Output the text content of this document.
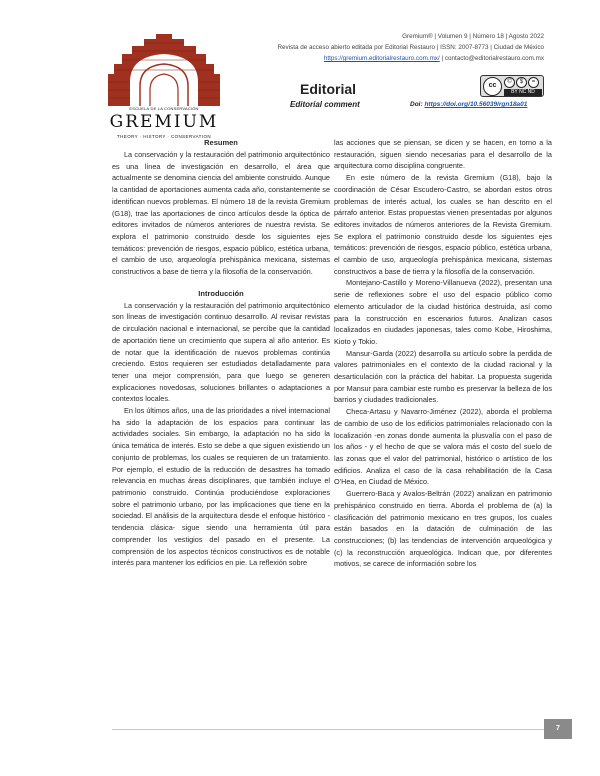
ESCUELA DE LA CONSERVACIÓN
GREMIUM
THEORY · HISTORY · CONSERVATION
Gremium® | Volumen 9 | Número 18 | Agosto 2022
Revista de acceso abierto editada por Editorial Restauro | ISSN: 2007-8773 | Ciudad de México
https://gremium.editorialrestauro.com.mx/ | contacto@editorialrestauro.com.mx
Editorial
Editorial comment
cc	©	$	=
BY NC ND
Doi: https://doi.org/10.56039/rgn18a01
Resumen

La conservación y la restauración del patrimonio arquitectónico es una línea de investigación en desarrollo, el área que actualmente se denomina ciencia del ambiente construido. Aunque la cantidad de aportaciones aumenta cada año, constantemente se identifican nuevos problemas. El número 18 de la revista Gremium (G18), trae las aportaciones de cinco artículos desde la óptica de editores invitados de números anteriores de nuestra revista. Se explora el patrimonio construido desde los siguientes ejes temáticos: prevención de riesgos, espacio público, estética urbana, el cambio de uso, arqueología prehispánica mexicana, sistemas constructivos a base de tierra y la filosofía de la conservación.

Introducción

La conservación y la restauración del patrimonio arquitectónico son líneas de investigación continuo desarrollo. Al revisar revistas de circulación nacional e internacional, se percibe que la cantidad de aportación tiene un crecimiento que supera al año anterior. Es de notar que la identificación de nuevos problemas continúa creciendo. Estos requieren ser estudiados detalladamente para tener una mejor comprensión, para que luego se generen explicaciones novedosas, soluciones brillantes o adaptaciones a contextos locales.

En los últimos años, una de las prioridades a nivel internacional ha sido la adaptación de los espacios para continuar las actividades sociales. Sin embargo, la adaptación no ha sido la única temática de interés. Esto se debe a que siguen existiendo un conjunto de problemas, los cuales se requieren de un tratamiento. Por ejemplo, el estudio de la reducción de desastres ha tomado relevancia en muchas áreas disciplinares, que también incluye el patrimonio construido. Continúa produciéndose exploraciones sobre el patrimonio urbano, por las implicaciones que tiene en la sociedad. El análisis de la arquitectura desde el enfoque histórico -tendencia clásica- sigue siendo una herramienta útil para comprender los vestigios del pasado en el presente. La comprensión de los aspectos técnicos constructivos es de notable interés para mantener los edificios en pie. La reflexión sobre

las acciones que se piensan, se dicen y se hacen, en torno a la restauración, siguen siendo necesarias para el desarrollo de la arquitectura como disciplina congruente.

En este número de la revista Gremium (G18), bajo la coordinación de César Escudero-Castro, se abordan estos otros problemas de interés actual, los cuales se han descrito en el párrafo anterior. Estas propuestas vienen presentadas por algunos editores invitados de números anteriores de la Revista Gremium. Se explora el patrimonio construido desde los siguientes ejes temáticos: prevención de riesgos, espacio público, estética urbana, el cambio de uso, arqueología prehispánica mexicana, sistemas constructivos a base de tierra y la filosofía de la conservación.

Montejano-Castillo y Moreno-Villanueva (2022), presentan una serie de reflexiones sobre el uso del espacio público como elemento articulador de la ciudad histórica destruida, así como para la construcción en escenarios futuros. Analizan casos localizados en ciudades japonesas, tales como Kobe, Hiroshima, Kioto y Tokio.

Mansur-Garda (2022) desarrolla su artículo sobre la perdida de valores patrimoniales en el contexto de la ciudad racional y la desarticulación con la práctica del habitar. La propuesta sugerida por Mansur para cambiar este rumbo es preservar la belleza de los barrios y ciudades tradicionales.

Checa-Artasu y Navarro-Jiménez (2022), aborda el problema de cambio de uso de los edificios patrimoniales relacionado con la localización -en zonas donde aumenta la plusvalía con el paso de los años - y el hecho de que se valora más el costo del suelo de las zonas que el valor del patrimonial, histórico o artístico de los edificios. Analiza el caso de la casa rehabilitación de la Casa O'Hea, en Ciudad de México.

Guerrero-Baca y Avalos-Beltrán (2022) analizan en patrimonio prehispánico construido en tierra. Aborda el problema de (a) la clasificación del patrimonio mexicano en tres grupos, los cuales están basados en la datación de culminación de las construcciones; (b) las tendencias de intervención arqueológica y (c) la reconstrucción arqueológica. Indican que, por diferentes motivos, se carece de información sobre los

7
